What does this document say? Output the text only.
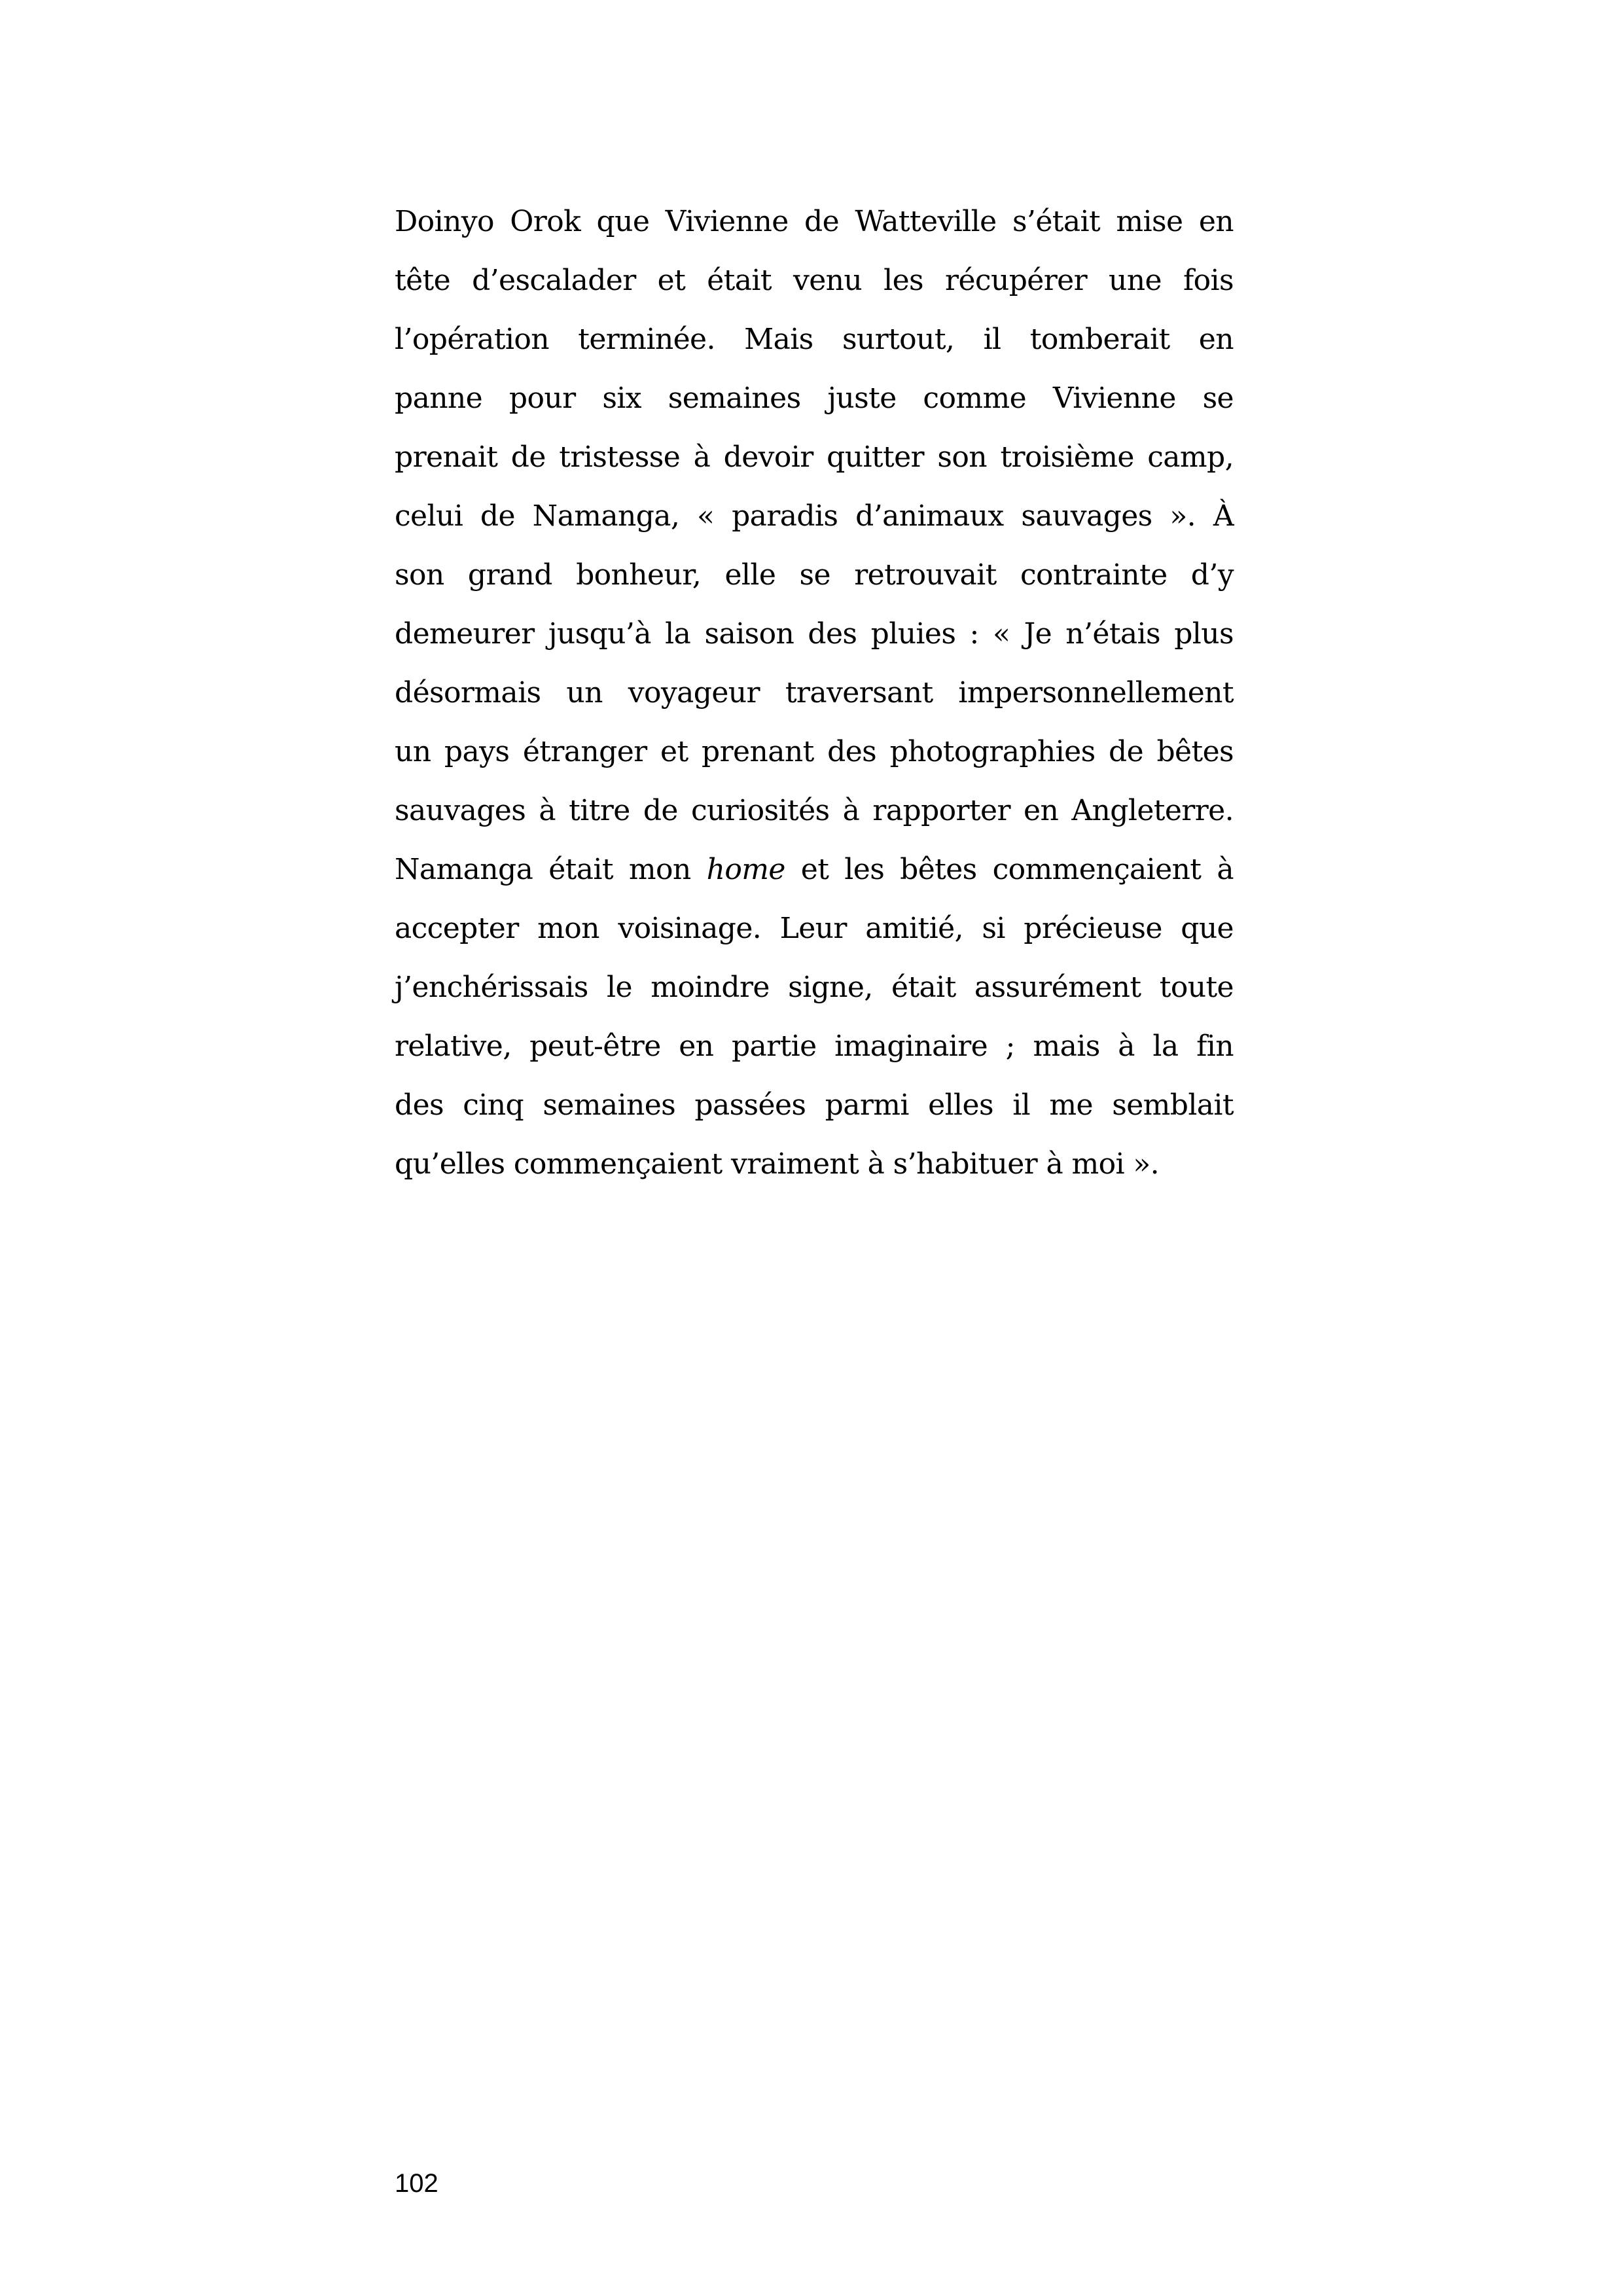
Doinyo Orok que Vivienne de Watteville s’était mise en
tête d’escalader et était venu les récupérer une fois
l’opération terminée. Mais surtout, il tomberait en
panne pour six semaines juste comme Vivienne se
prenait de tristesse à devoir quitter son troisième camp,
celui de Namanga, « paradis d’animaux sauvages ». À
son grand bonheur, elle se retrouvait contrainte d’y
demeurer jusqu’à la saison des pluies : « Je n’étais plus
désormais un voyageur traversant impersonnellement
un pays étranger et prenant des photographies de bêtes
sauvages à titre de curiosités à rapporter en Angleterre.
Namanga était mon home et les bêtes commençaient à
accepter mon voisinage. Leur amitié, si précieuse que
j’enchérissais le moindre signe, était assurément toute
relative, peut-être en partie imaginaire ; mais à la fin
des cinq semaines passées parmi elles il me semblait
qu’elles commençaient vraiment à s’habituer à moi ».
102
